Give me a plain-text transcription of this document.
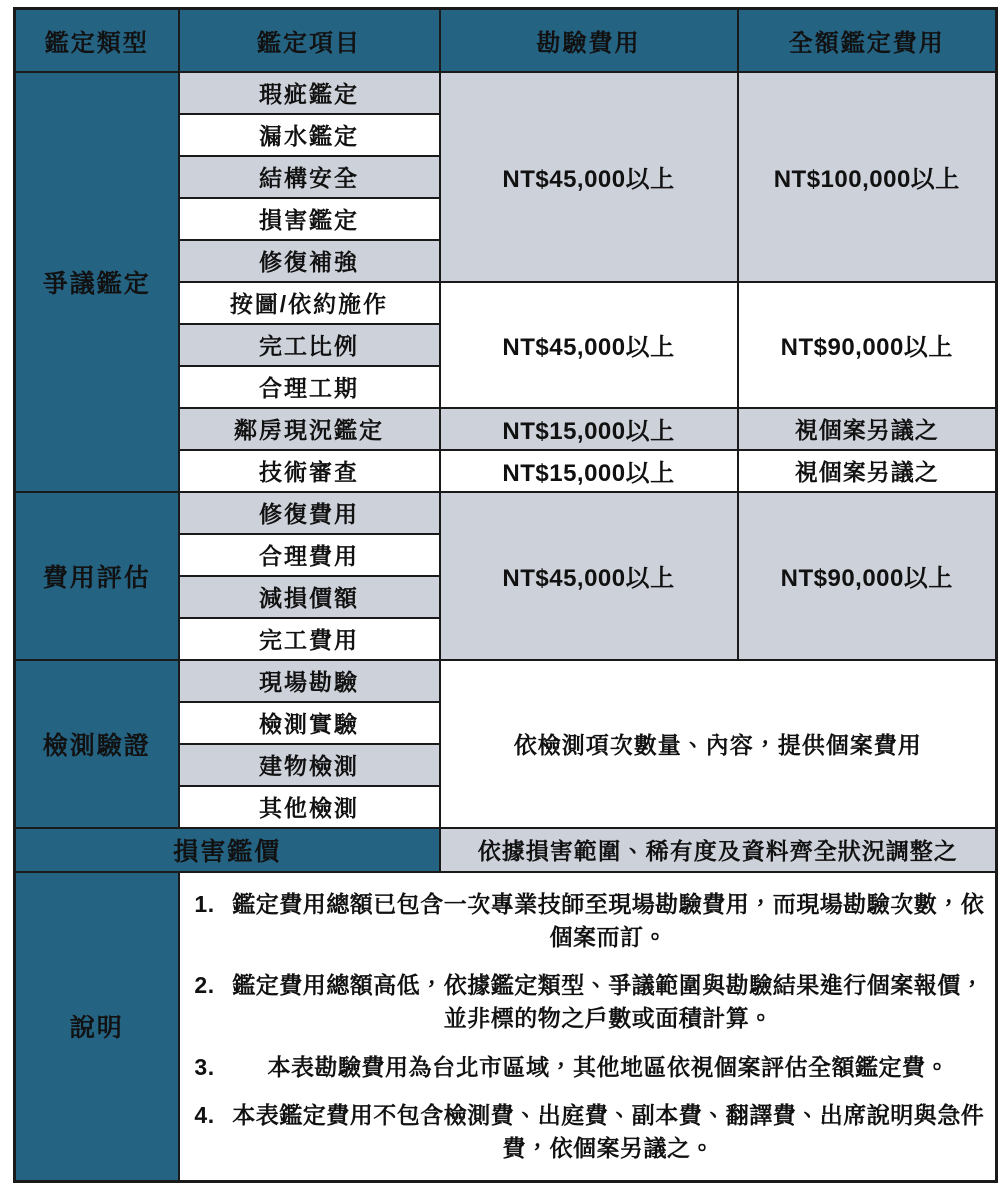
鑑定類型	鑑定項目	勘驗費用	全額鑑定費用
爭議鑑定	瑕疵鑑定	NT$45,000以上	NT$100,000以上
	漏水鑑定		
	結構安全		
	損害鑑定		
	修復補強		
	按圖/依約施作	NT$45,000以上	NT$90,000以上
	完工比例		
	合理工期		
	鄰房現況鑑定	NT$15,000以上	視個案另議之
	技術審查	NT$15,000以上	視個案另議之
費用評估	修復費用	NT$45,000以上	NT$90,000以上
	合理費用		
	減損價額		
	完工費用		
檢測驗證	現場勘驗	依檢測項次數量、內容，提供個案費用	
	檢測實驗		
	建物檢測		
	其他檢測		
損害鑑價		依據損害範圍、稀有度及資料齊全狀況調整之	
說明	
1. 鑑定費用總額已包含一次專業技師至現場勘驗費用，而現場勘驗次數，依個案而訂。
2. 鑑定費用總額高低，依據鑑定類型、爭議範圍與勘驗結果進行個案報價，並非標的物之戶數或面積計算。
3. 本表勘驗費用為台北市區域，其他地區依視個案評估全額鑑定費。
4. 本表鑑定費用不包含檢測費、出庭費、副本費、翻譯費、出席說明與急件費，依個案另議之。
